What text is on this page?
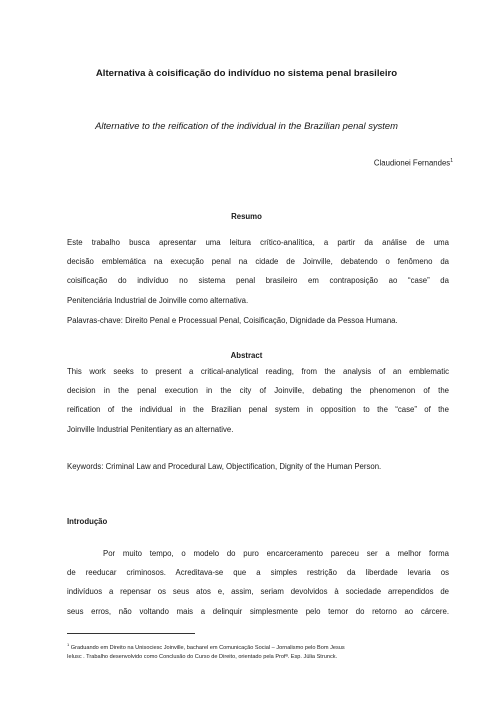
Alternativa à coisificação do indivíduo no sistema penal brasileiro
Alternative to the reification of the individual in the Brazilian penal system
Claudionei Fernandes$^1$
Resumo
Este trabalho busca apresentar uma leitura crítico-analítica, a partir da análise de uma
decisão emblemática na execução penal na cidade de Joinville, debatendo o fenômeno da
coisificação do indivíduo no sistema penal brasileiro em contraposição ao “case” da
Penitenciária Industrial de Joinville como alternativa.
Palavras-chave: Direito Penal e Processual Penal, Coisificação, Dignidade da Pessoa Humana.
Abstract
This work seeks to present a critical-analytical reading, from the analysis of an emblematic
decision in the penal execution in the city of Joinville, debating the phenomenon of the
reification of the individual in the Brazilian penal system in opposition to the “case” of the
Joinville Industrial Penitentiary as an alternative.
Keywords: Criminal Law and Procedural Law, Objectification, Dignity of the Human Person.
Introdução
Por muito tempo, o modelo do puro encarceramento pareceu ser a melhor forma
de reeducar criminosos. Acreditava-se que a simples restrição da liberdade levaria os
indivíduos a repensar os seus atos e, assim, seriam devolvidos à sociedade arrependidos de
seus erros, não voltando mais a delinquir simplesmente pelo temor do retorno ao cárcere.
$^1$ Graduando em Direito na Unisociesc Joinville, bacharel em Comunicação Social – Jornalismo pelo Bom Jesus
Ielusc . Trabalho desenvolvido como Conclusão do Curso de Direito, orientado pela Profª. Esp. Júlia Strunck.
